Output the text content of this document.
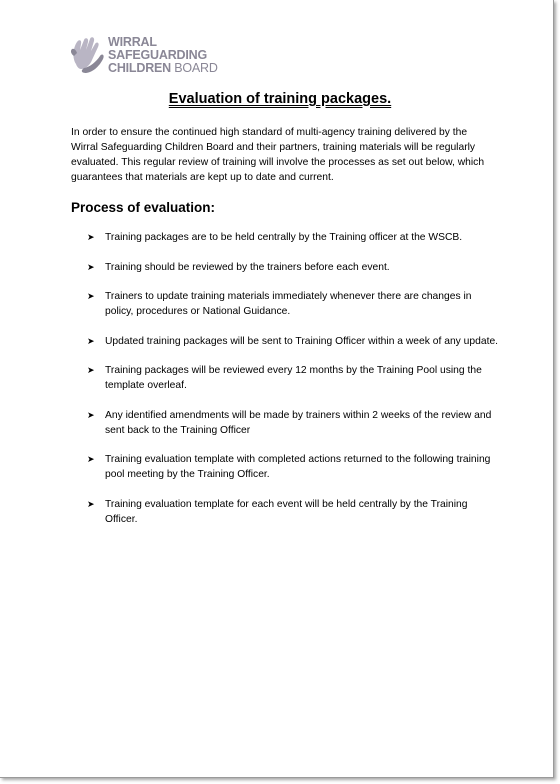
WIRRAL
SAFEGUARDING
CHILDREN BOARD
Evaluation of training packages.
In order to ensure the continued high standard of multi-agency training delivered by the Wirral Safeguarding Children Board and their partners, training materials will be regularly evaluated. This regular review of training will involve the processes as set out below, which guarantees that materials are kept up to date and current.
Process of evaluation:
➤ Training packages are to be held centrally by the Training officer at the WSCB.
➤ Training should be reviewed by the trainers before each event.
➤ Trainers to update training materials immediately whenever there are changes in policy, procedures or National Guidance.
➤ Updated training packages will be sent to Training Officer within a week of any update.
➤ Training packages will be reviewed every 12 months by the Training Pool using the template overleaf.
➤ Any identified amendments will be made by trainers within 2 weeks of the review and sent back to the Training Officer
➤ Training evaluation template with completed actions returned to the following training pool meeting by the Training Officer.
➤ Training evaluation template for each event will be held centrally by the Training Officer.
